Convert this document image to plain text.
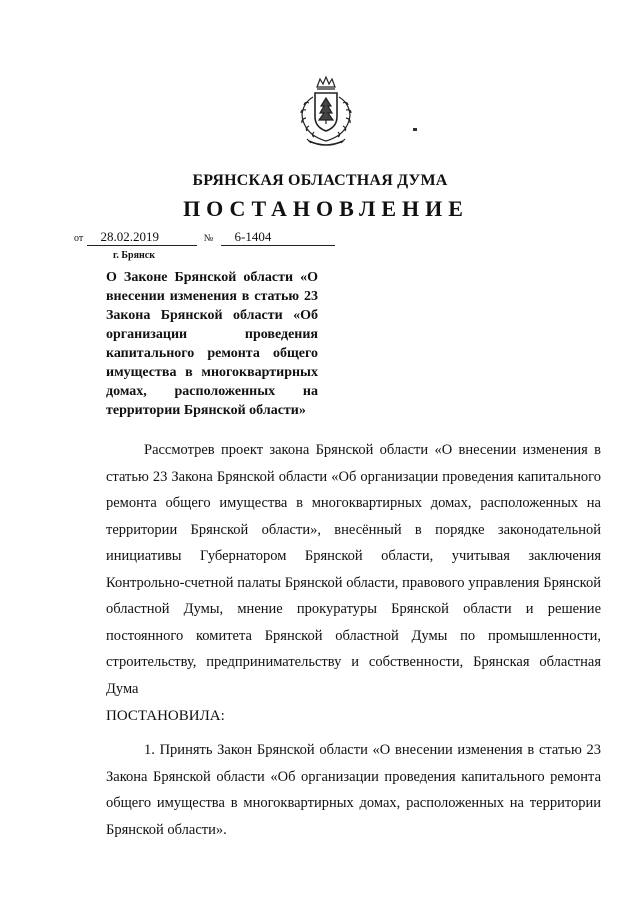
БРЯНСКАЯ ОБЛАСТНАЯ ДУМА
ПОСТАНОВЛЕНИЕ
от 28.02.2019	№ 6-1404
г. Брянск
О Законе Брянской области «О внесении изменения в статью 23 Закона Брянской области «Об организации проведения капитального ремонта общего имущества в многоквартирных домах, расположенных на территории Брянской области»
Рассмотрев проект закона Брянской области «О внесении изменения в статью 23 Закона Брянской области «Об организации проведения капитального ремонта общего имущества в многоквартирных домах, расположенных на территории Брянской области», внесённый в порядке законодательной инициативы Губернатором Брянской области, учитывая заключения Контрольно-счетной палаты Брянской области, правового управления Брянской областной Думы, мнение прокуратуры Брянской области и решение постоянного комитета Брянской областной Думы по промышленности, строительству, предпринимательству и собственности, Брянская областная Дума
ПОСТАНОВИЛА:
1. Принять Закон Брянской области «О внесении изменения в статью 23 Закона Брянской области «Об организации проведения капитального ремонта общего имущества в многоквартирных домах, расположенных на территории Брянской области».
